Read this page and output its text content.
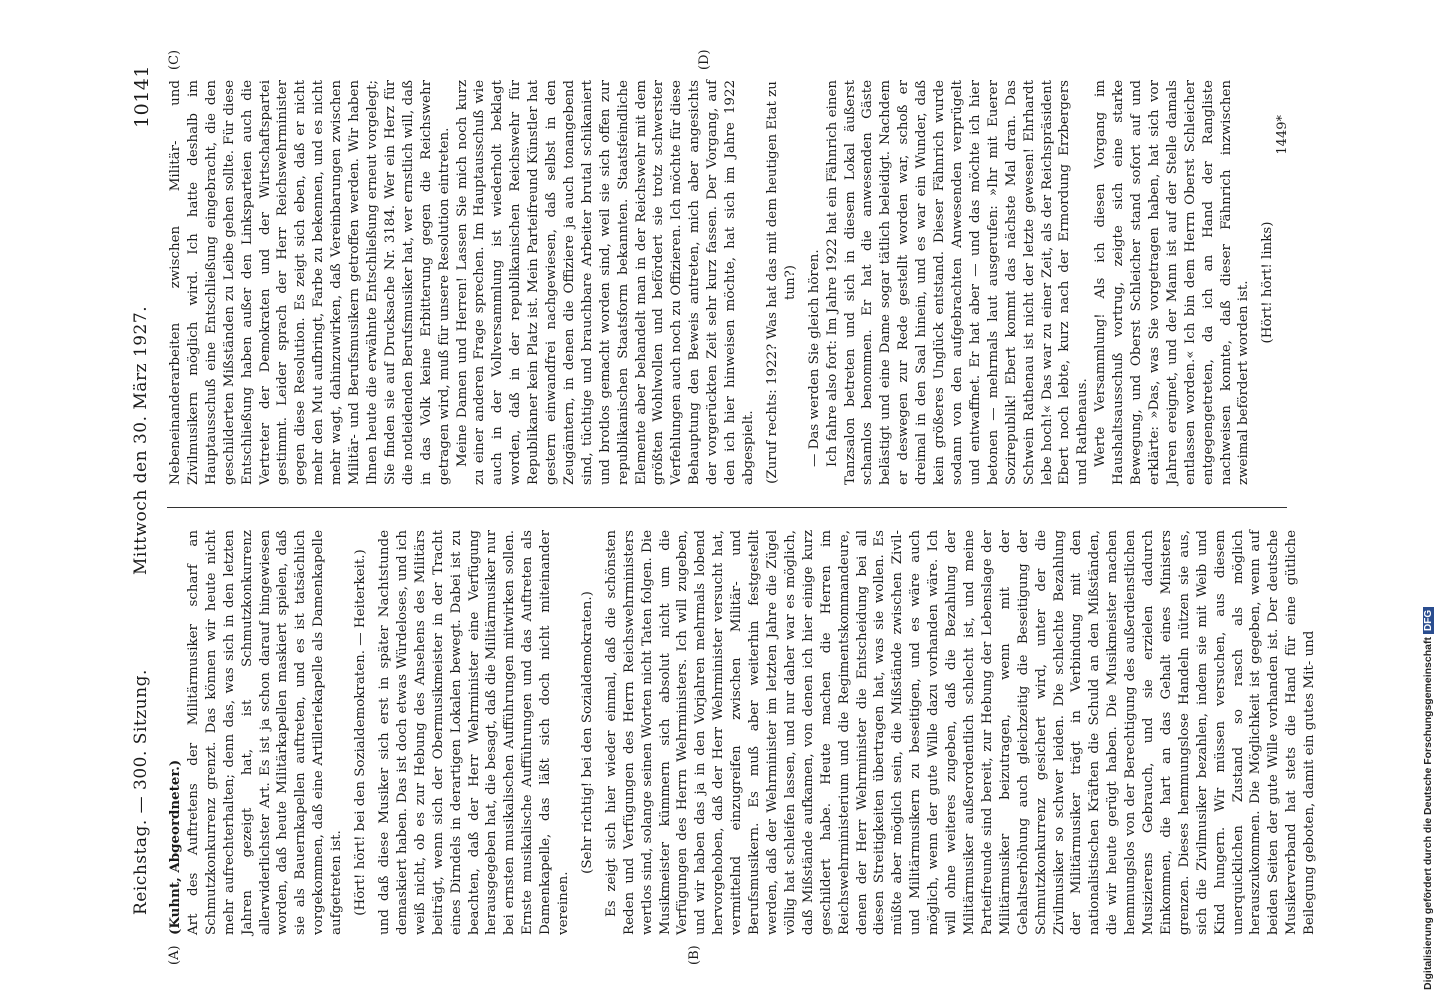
Reichstag. — 300. Sitzung.
Mittwoch den 30. März 1927.
10141

(Kuhnt, Abgeordneter.) Art des Auftretens der Militärmusiker scharf an Schmutzkonkurrenz grenzt. Das können wir heute nicht mehr aufrechterhalten; denn das, was sich in den letzten Jahren gezeigt hat, ist Schmutzkonkurrenz allerwiderlichster Art. Es ist ja schon darauf hingewiesen worden, daß heute Militärkapellen maskiert spielen, daß sie als Bauernkapellen auftreten, und es ist tatsächlich vorgekommen, daß eine Artilleriekapelle als Damenkapelle aufgetreten ist. (Hört! hört! bei den Sozialdemokraten. — Heiterkeit.) und daß diese Musiker sich erst in später Nachtstunde demaskiert haben. Das ist doch etwas Würdeloses, und ich weiß nicht, ob es zur Hebung des Ansehens des Militärs beiträgt, wenn sich der Obermusikmeister in der Tracht eines Dirndels in derartigen Lokalen bewegt. Dabei ist zu beachten, daß der Herr Wehrminister eine Verfügung herausgegeben hat, die besagt, daß die Militärmusiker nur bei ernsten musikalischen Aufführungen mitwirken sollen. Ernste musikalische Aufführungen und das Auftreten als Damenkapelle, das läßt sich doch nicht miteinander vereinen.

(Sehr richtig! bei den Sozialdemokraten.) Es zeigt sich hier wieder einmal, daß die schönsten Reden und Verfügungen des Herrn Reichswehrministers wertlos sind, solange seinen Worten nicht Taten folgen. Die Musikmeister kümmern sich absolut nicht um die Verfügungen des Herrn Wehrministers. Ich will zugeben, und wir haben das ja in den Vorjahren mehrmals lobend hervorgehoben, daß der Herr Wehrminister versucht hat, vermittelnd einzugreifen zwischen Militär- und Berufsmusikern. Es muß aber weiterhin festgestellt werden, daß der Wehrminister im letzten Jahre die Zügel völlig hat schleifen lassen, und nur daher war es möglich, daß Mißstände aufkamen, von denen ich hier einige kurz geschildert habe. Heute machen die Herren im Reichswehrministerium und die Regimentskommandeure, denen der Herr Wehrminister die Entscheidung bei all diesen Streitigkeiten übertragen hat, was sie wollen. Es müßte aber möglich sein, die Mißstände zwischen Zivil- und Militärmusikern zu beseitigen, und es wäre auch möglich, wenn der gute Wille dazu vorhanden wäre. Ich will ohne weiteres zugeben, daß die Bezahlung der Militärmusiker außerordentlich schlecht ist, und meine Parteifreunde sind bereit, zur Hebung der Lebenslage der Militärmusiker beizutragen, wenn mit der Gehaltserhöhung auch gleichzeitig die Beseitigung der Schmutzkonkurrenz gesichert wird, unter der die Zivilmusiker so schwer leiden. Die schlechte Bezahlung der Militärmusiker trägt in Verbindung mit den nationalistischen Kräften die Schuld an den Mißständen, die wir heute gerügt haben. Die Musikmeister machen hemmungslos von der Berechtigung des außerdienstlichen Musizierens Gebrauch, und sie erzielen dadurch Einkommen, die hart an das Gehalt eines Ministers grenzen. Dieses hemmungslose Handeln nützen sie aus, sich die Zivilmusiker bezahlen, indem sie mit Weib und Kind hungern. Wir müssen versuchen, aus diesem unerquicklichen Zustand so rasch als möglich herauszukommen. Die Möglichkeit ist gegeben, wenn auf beiden Seiten der gute Wille vorhanden ist. Der deutsche Musikerverband hat stets die Hand für eine gütliche Beilegung geboten, damit ein gutes Mit- und

Nebeneinanderarbeiten zwischen Militär- und Zivilmusikern möglich wird. Ich hatte deshalb im Hauptausschuß eine Entschließung eingebracht, die den geschilderten Mißständen zu Leibe gehen sollte. Für diese Entschließung haben außer den Linksparteien auch die Vertreter der Demokraten und der Wirtschaftspartei gestimmt. Leider sprach der Herr Reichswehrminister gegen diese Resolution. Es zeigt sich eben, daß er nicht mehr den Mut aufbringt, Farbe zu bekennen, und es nicht mehr wagt, dahinzuwirken, daß Vereinbarungen zwischen Militär- und Berufsmusikern getroffen werden. Wir haben Ihnen heute die erwähnte Entschließung erneut vorgelegt; Sie finden sie auf Drucksache Nr. 3184. Wer ein Herz für die notleidenden Berufsmusiker hat, wer ernstlich will, daß in das Volk keine Erbitterung gegen die Reichswehr getragen wird, muß für unsere Resolution eintreten. Meine Damen und Herren! Lassen Sie mich noch kurz zu einer anderen Frage sprechen. Im Hauptausschuß wie auch in der Vollversammlung ist wiederholt beklagt worden, daß in der republikanischen Reichswehr für Republikaner kein Platz ist. Mein Parteifreund Künstler hat gestern einwandfrei nachgewiesen, daß selbst in den Zeugämtern, in denen die Offiziere ja auch tonangebend sind, tüchtige und brauchbare Arbeiter brutal schikaniert und brotlos gemacht worden sind, weil sie sich offen zur republikanischen Staatsform bekannten. Staatsfeindliche Elemente aber behandelt man in der Reichswehr mit dem größten Wohlwollen und befördert sie trotz schwerster Verfehlungen auch noch zu Offizieren. Ich möchte für diese Behauptung den Beweis antreten, mich aber angesichts der vorgerückten Zeit sehr kurz fassen. Der Vorgang, auf den ich hier hinweisen möchte, hat sich im Jahre 1922 abgespielt. (Zuruf rechts: 1922? Was hat das mit dem heutigen Etat zu tun?) — Das werden Sie gleich hören. Ich fahre also fort: Im Jahre 1922 hat ein Fähnrich einen Tanzsalon betreten und sich in diesem Lokal äußerst schamlos benommen. Er hat die anwesenden Gäste belästigt und eine Dame sogar tätlich beleidigt. Nachdem er deswegen zur Rede gestellt worden war, schoß er dreimal in den Saal hinein, und es war ein Wunder, daß kein größeres Unglück entstand. Dieser Fähnrich wurde sodann von den aufgebrachten Anwesenden verprügelt und entwaffnet. Er hat aber — und das möchte ich hier betonen — mehrmals laut ausgerufen: »Ihr mit Euerer Sozirepublik! Ebert kommt das nächste Mal dran. Das Schwein Rathenau ist nicht der letzte gewesen! Ehrhardt lebe hoch!« Das war zu einer Zeit, als der Reichspräsident Ebert noch lebte, kurz nach der Ermordung Erzbergers und Rathenaus. Werte Versammlung! Als ich diesen Vorgang im Haushaltsausschuß vortrug, zeigte sich eine starke Bewegung, und Oberst Schleicher stand sofort auf und erklärte: »Das, was Sie vorgetragen haben, hat sich vor Jahren ereignet, und der Mann ist auf der Stelle damals entlassen worden.« Ich bin dem Herrn Oberst Schleicher entgegengetreten, da ich an Hand der Rangliste nachweisen konnte, daß dieser Fähnrich inzwischen zweimal befördert worden ist. (Hört! hört! links)

(A)	(B)
(C)	(D)
1449*
Digitalisierung gefördert durch die Deutsche ForschungsgemeinschaftDFG
